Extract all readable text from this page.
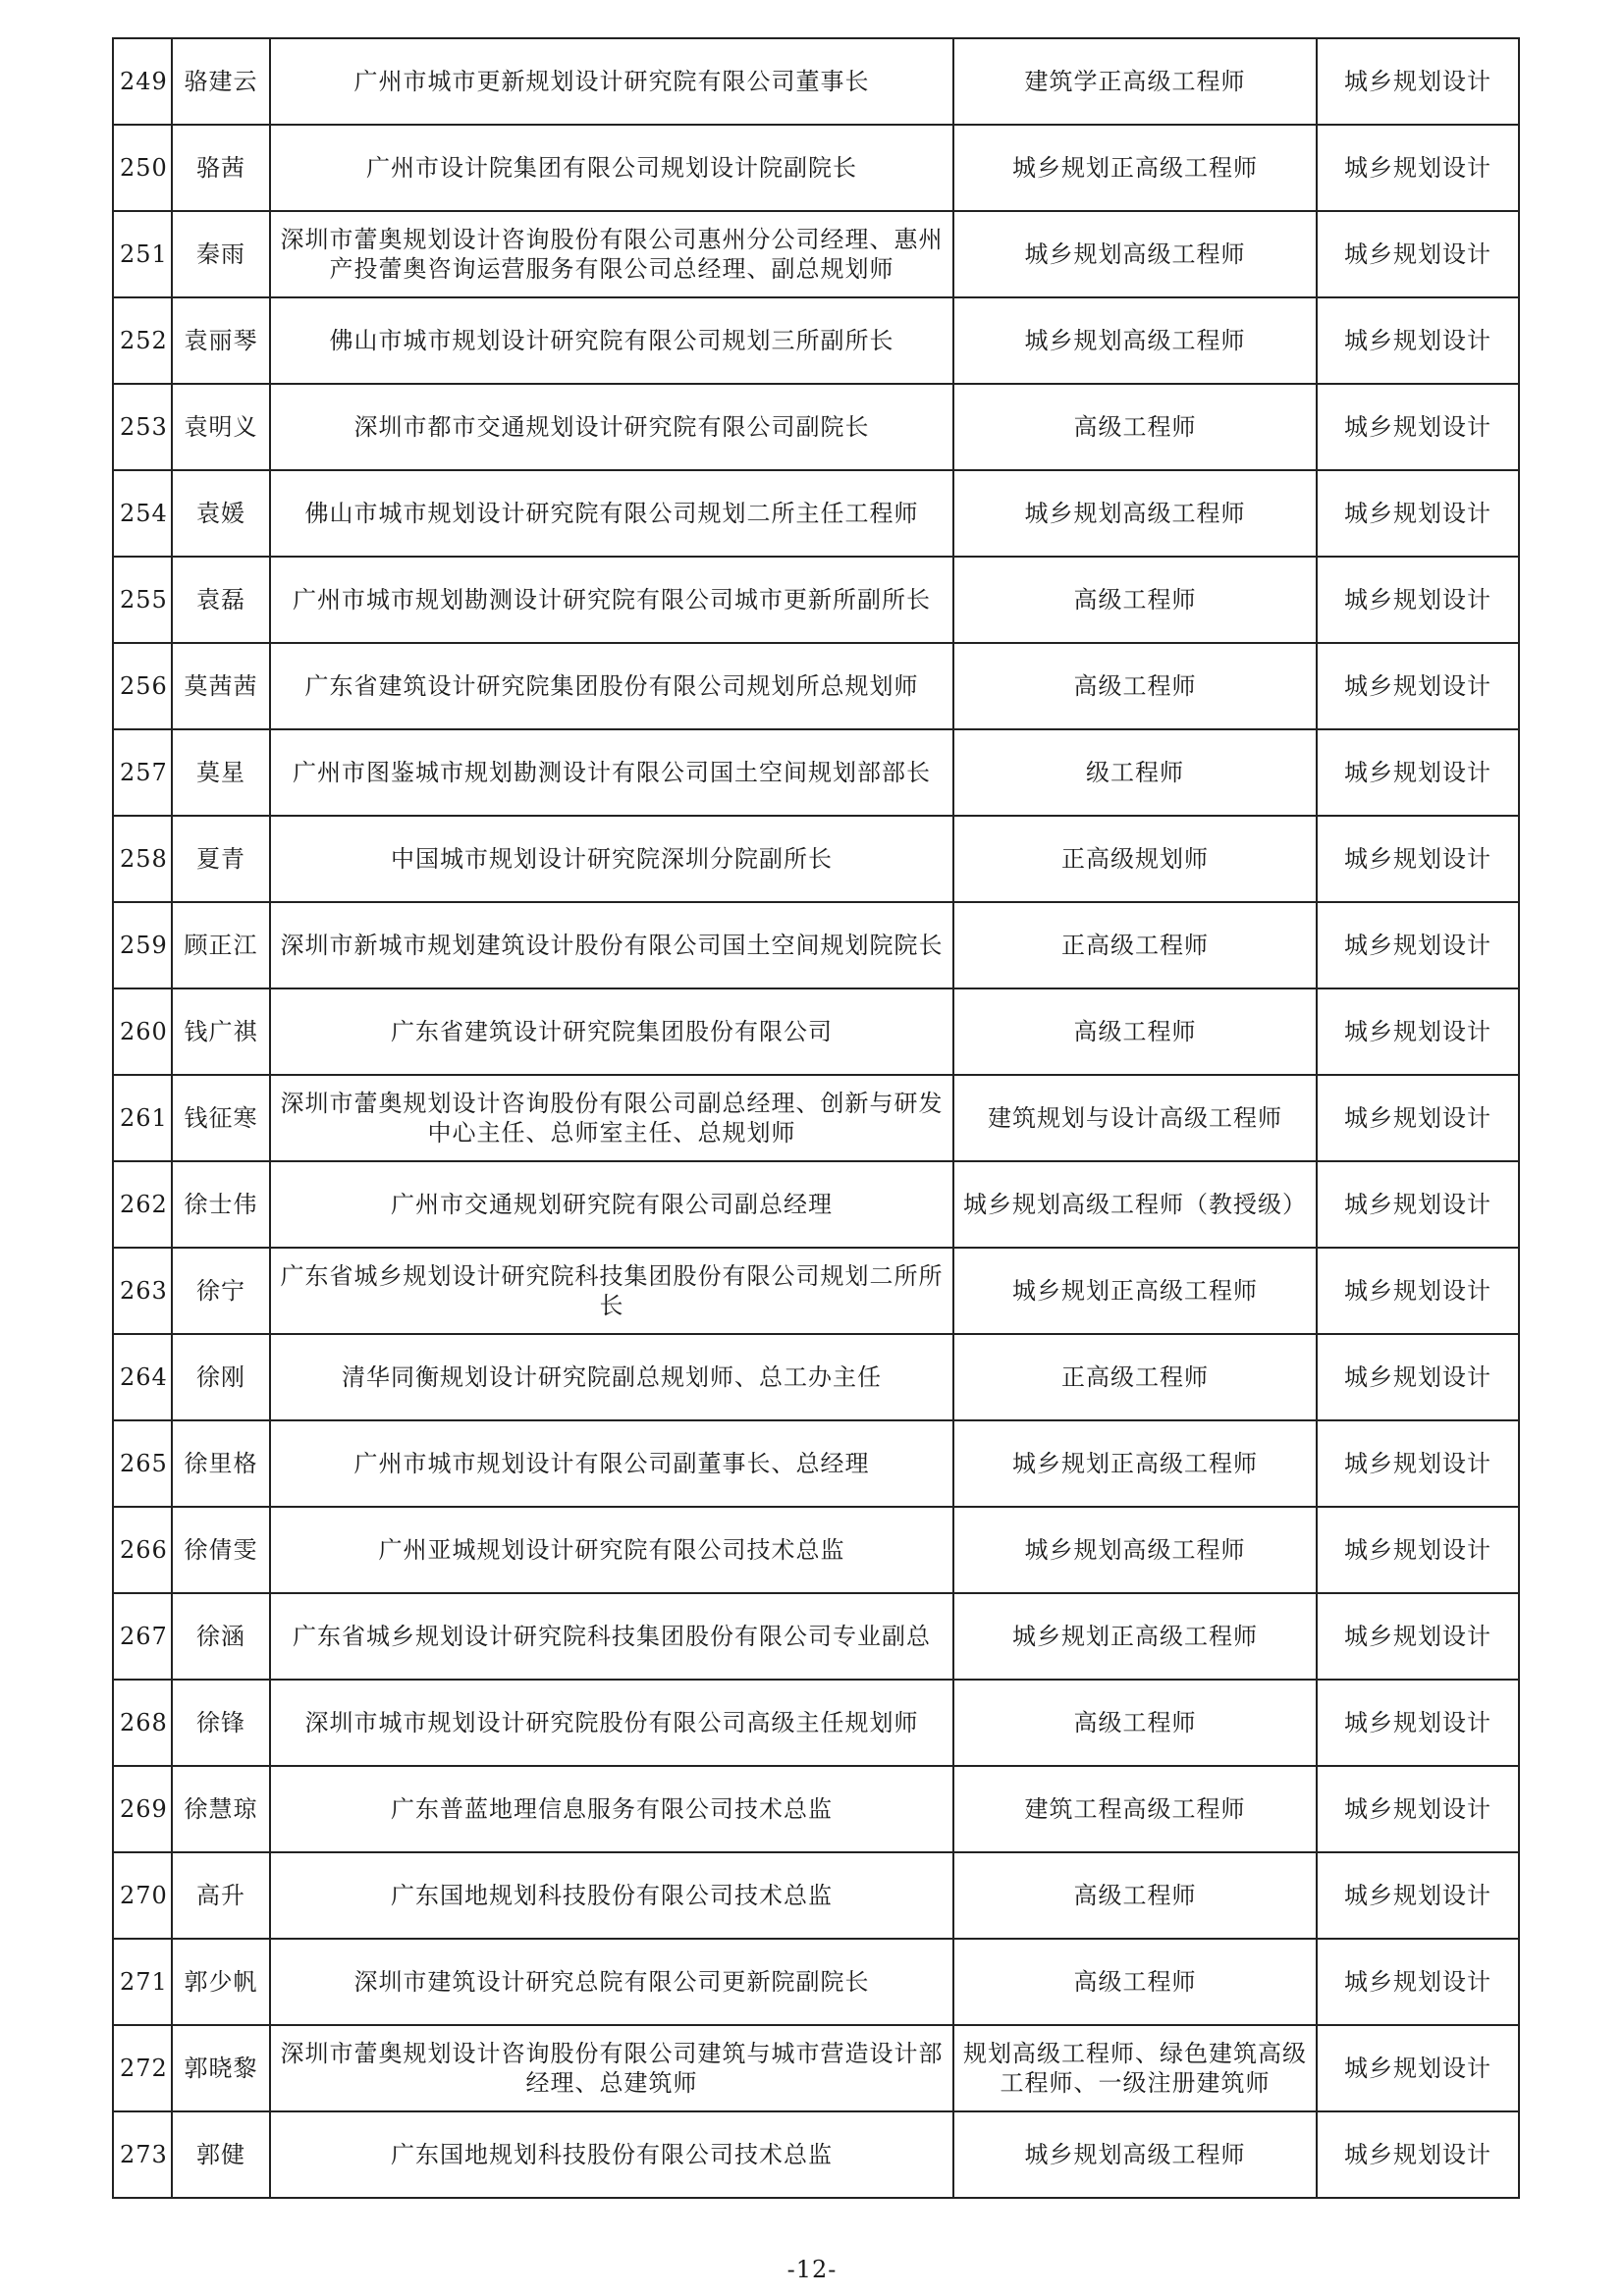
249	骆建云	广州市城市更新规划设计研究院有限公司董事长	建筑学正高级工程师	城乡规划设计
250	骆茜	广州市设计院集团有限公司规划设计院副院长	城乡规划正高级工程师	城乡规划设计
251	秦雨	深圳市蕾奥规划设计咨询股份有限公司惠州分公司经理、惠州产投蕾奥咨询运营服务有限公司总经理、副总规划师	城乡规划高级工程师	城乡规划设计
252	袁丽琴	佛山市城市规划设计研究院有限公司规划三所副所长	城乡规划高级工程师	城乡规划设计
253	袁明义	深圳市都市交通规划设计研究院有限公司副院长	高级工程师	城乡规划设计
254	袁媛	佛山市城市规划设计研究院有限公司规划二所主任工程师	城乡规划高级工程师	城乡规划设计
255	袁磊	广州市城市规划勘测设计研究院有限公司城市更新所副所长	高级工程师	城乡规划设计
256	莫茜茜	广东省建筑设计研究院集团股份有限公司规划所总规划师	高级工程师	城乡规划设计
257	莫星	广州市图鉴城市规划勘测设计有限公司国土空间规划部部长	级工程师	城乡规划设计
258	夏青	中国城市规划设计研究院深圳分院副所长	正高级规划师	城乡规划设计
259	顾正江	深圳市新城市规划建筑设计股份有限公司国土空间规划院院长	正高级工程师	城乡规划设计
260	钱广祺	广东省建筑设计研究院集团股份有限公司	高级工程师	城乡规划设计
261	钱征寒	深圳市蕾奥规划设计咨询股份有限公司副总经理、创新与研发中心主任、总师室主任、总规划师	建筑规划与设计高级工程师	城乡规划设计
262	徐士伟	广州市交通规划研究院有限公司副总经理	城乡规划高级工程师（教授级）	城乡规划设计
263	徐宁	广东省城乡规划设计研究院科技集团股份有限公司规划二所所长	城乡规划正高级工程师	城乡规划设计
264	徐刚	清华同衡规划设计研究院副总规划师、总工办主任	正高级工程师	城乡规划设计
265	徐里格	广州市城市规划设计有限公司副董事长、总经理	城乡规划正高级工程师	城乡规划设计
266	徐倩雯	广州亚城规划设计研究院有限公司技术总监	城乡规划高级工程师	城乡规划设计
267	徐涵	广东省城乡规划设计研究院科技集团股份有限公司专业副总	城乡规划正高级工程师	城乡规划设计
268	徐锋	深圳市城市规划设计研究院股份有限公司高级主任规划师	高级工程师	城乡规划设计
269	徐慧琼	广东普蓝地理信息服务有限公司技术总监	建筑工程高级工程师	城乡规划设计
270	高升	广东国地规划科技股份有限公司技术总监	高级工程师	城乡规划设计
271	郭少帆	深圳市建筑设计研究总院有限公司更新院副院长	高级工程师	城乡规划设计
272	郭晓黎	深圳市蕾奥规划设计咨询股份有限公司建筑与城市营造设计部经理、总建筑师	规划高级工程师、绿色建筑高级工程师、一级注册建筑师	城乡规划设计
273	郭健	广东国地规划科技股份有限公司技术总监	城乡规划高级工程师	城乡规划设计
-12-
